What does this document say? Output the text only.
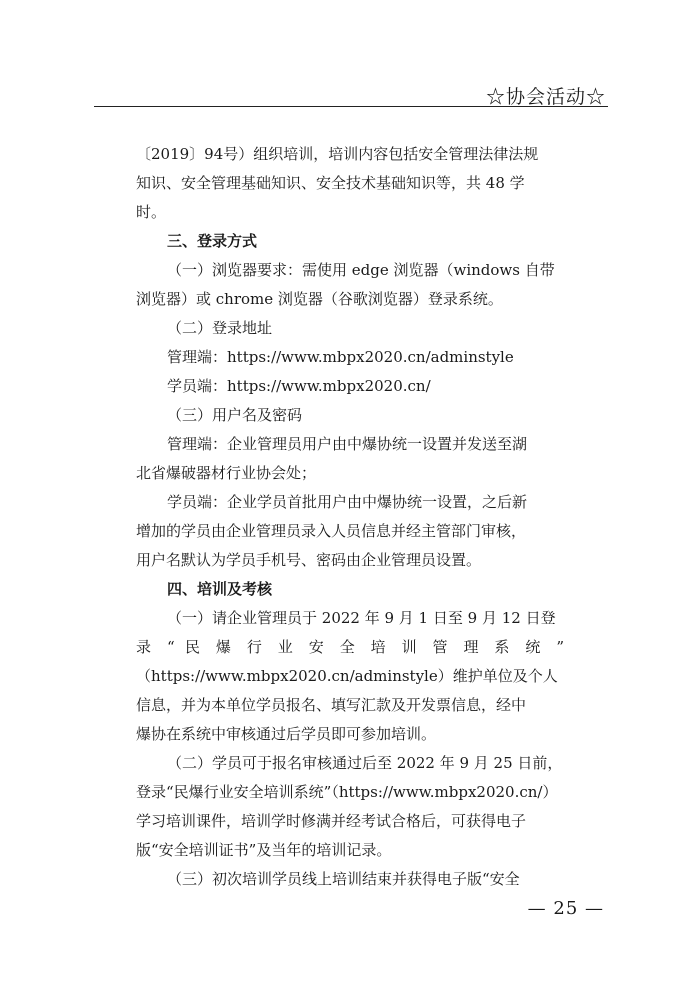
☆协会活动☆
〔2019〕94号）组织培训，培训内容包括安全管理法律法规
知识、安全管理基础知识、安全技术基础知识等，共 48 学
时。
三、登录方式
（一）浏览器要求：需使用 edge 浏览器（windows 自带
浏览器）或 chrome 浏览器（谷歌浏览器）登录系统。
（二）登录地址
管理端：https://www.mbpx2020.cn/adminstyle
学员端：https://www.mbpx2020.cn/
（三）用户名及密码
管理端：企业管理员用户由中爆协统一设置并发送至湖
北省爆破器材行业协会处；
学员端：企业学员首批用户由中爆协统一设置，之后新
增加的学员由企业管理员录入人员信息并经主管部门审核，
用户名默认为学员手机号、密码由企业管理员设置。
四、培训及考核
（一）请企业管理员于 2022 年 9 月 1 日至 9 月 12 日登
录 “ 民 爆 行 业 安 全 培 训 管 理 系 统 ”
（https://www.mbpx2020.cn/adminstyle）维护单位及个人
信息，并为本单位学员报名、填写汇款及开发票信息，经中
爆协在系统中审核通过后学员即可参加培训。
（二）学员可于报名审核通过后至 2022 年 9 月 25 日前，
登录“民爆行业安全培训系统”（https://www.mbpx2020.cn/）
学习培训课件，培训学时修满并经考试合格后，可获得电子
版“安全培训证书”及当年的培训记录。
（三）初次培训学员线上培训结束并获得电子版“安全
— 25 —
